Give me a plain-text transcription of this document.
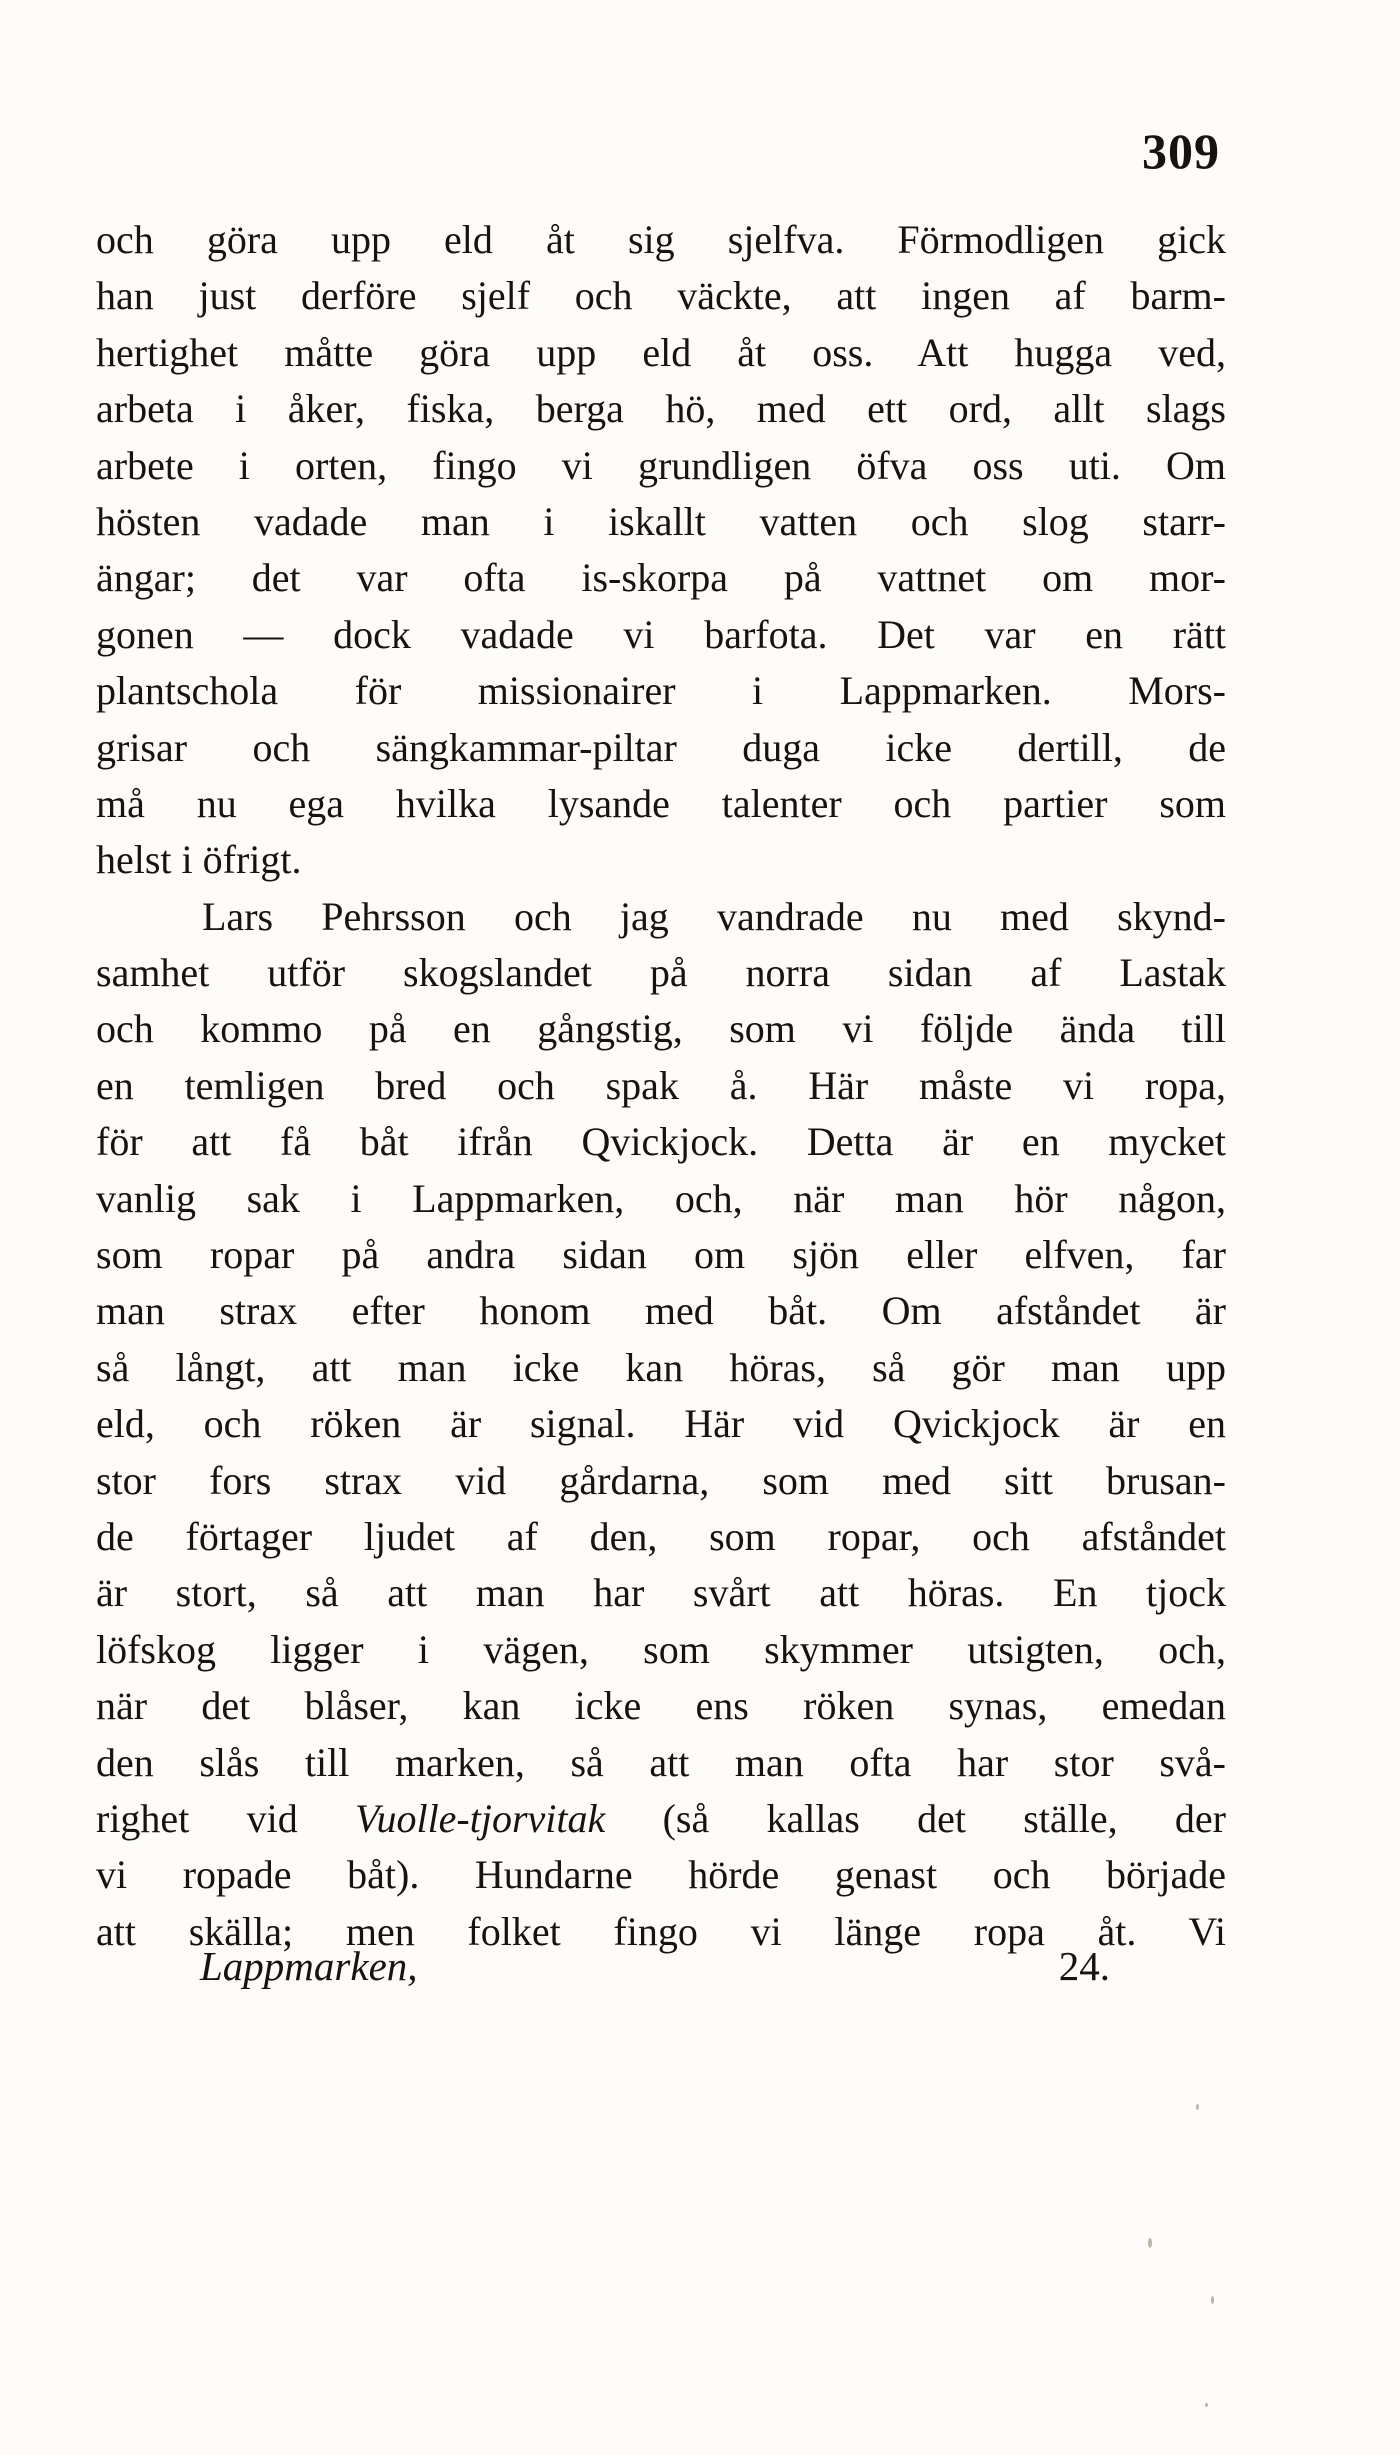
309
och göra upp eld åt sig sjelfva. Förmodligen gick
han just derföre sjelf och väckte, att ingen af barm-
hertighet måtte göra upp eld åt oss. Att hugga ved,
arbeta i åker, fiska, berga hö, med ett ord, allt slags
arbete i orten, fingo vi grundligen öfva oss uti. Om
hösten vadade man i iskallt vatten och slog starr-
ängar; det var ofta is-skorpa på vattnet om mor-
gonen — dock vadade vi barfota. Det var en rätt
plantschola för missionairer i Lappmarken. Mors-
grisar och sängkammar-piltar duga icke dertill, de
må nu ega hvilka lysande talenter och partier som
helst i öfrigt.
Lars Pehrsson och jag vandrade nu med skynd-
samhet utför skogslandet på norra sidan af Lastak
och kommo på en gångstig, som vi följde ända till
en temligen bred och spak å. Här måste vi ropa,
för att få båt ifrån Qvickjock. Detta är en mycket
vanlig sak i Lappmarken, och, när man hör någon,
som ropar på andra sidan om sjön eller elfven, far
man strax efter honom med båt. Om afståndet är
så långt, att man icke kan höras, så gör man upp
eld, och röken är signal. Här vid Qvickjock är en
stor fors strax vid gårdarna, som med sitt brusan-
de förtager ljudet af den, som ropar, och afståndet
är stort, så att man har svårt att höras. En tjock
löfskog ligger i vägen, som skymmer utsigten, och,
när det blåser, kan icke ens röken synas, emedan
den slås till marken, så att man ofta har stor svå-
righet vid Vuolle-tjorvitak (så kallas det ställe, der
vi ropade båt). Hundarne hörde genast och började
att skälla; men folket fingo vi länge ropa åt. Vi
Lappmarken,	24.
